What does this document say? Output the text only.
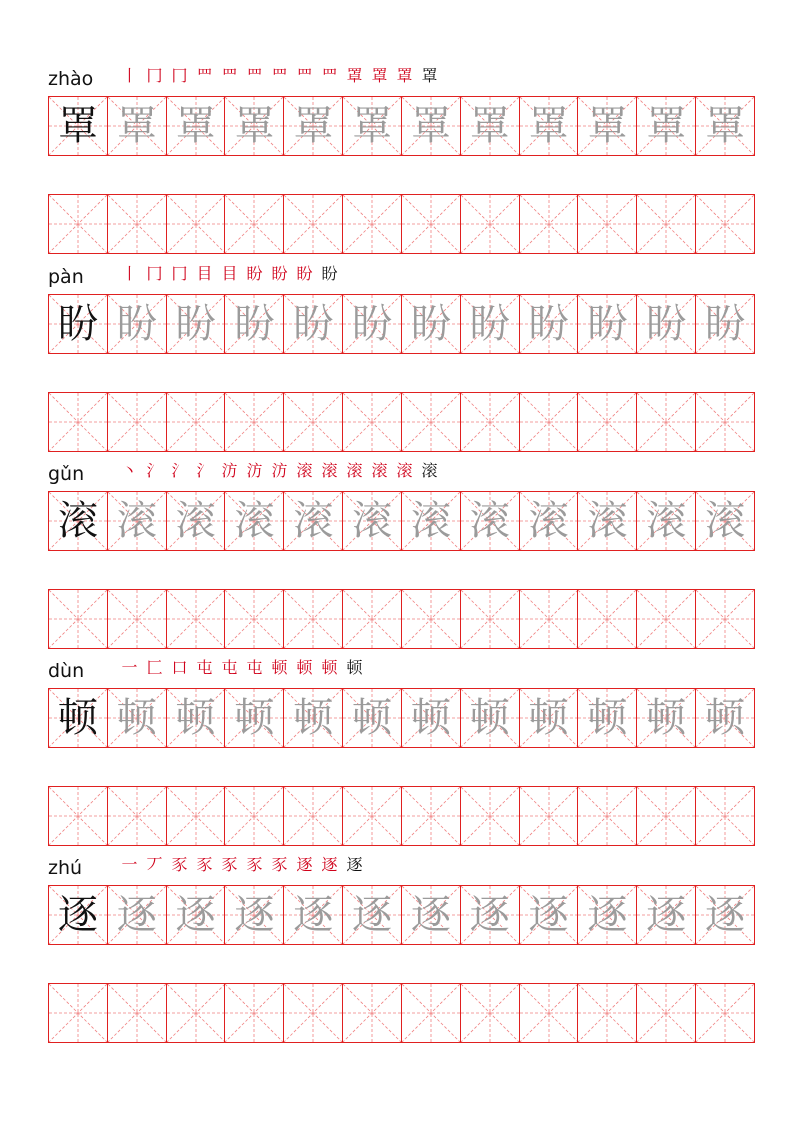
zhào 丨 冂 冂 罒 罒 罒 罒 罒 罒 罩 罩 罩 罩
罩 罩 罩 罩 罩 罩 罩 罩 罩 罩 罩 罩
pàn 丨 冂 冂 目 目 盼 盼 盼 盼
盼 盼 盼 盼 盼 盼 盼 盼 盼 盼 盼 盼
gǔn 丶 氵 氵 氵 汸 汸 汸 滚 滚 滚 滚 滚 滚
滚 滚 滚 滚 滚 滚 滚 滚 滚 滚 滚 滚
dùn 一 匚 口 屯 屯 屯 顿 顿 顿 顿
顿 顿 顿 顿 顿 顿 顿 顿 顿 顿 顿 顿
zhú 一 丆 豕 豕 豕 豕 豕 逐 逐 逐
逐 逐 逐 逐 逐 逐 逐 逐 逐 逐 逐 逐
